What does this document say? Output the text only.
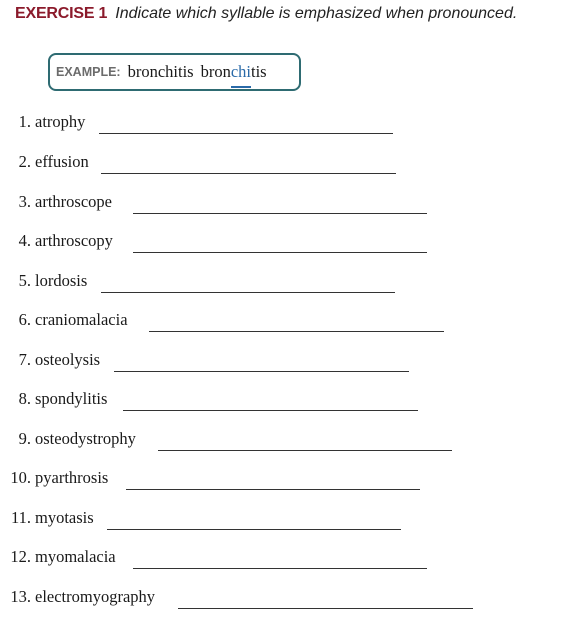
EXERCISE 1 Indicate which syllable is emphasized when pronounced.
EXAMPLE: bronchitis bronchitis
1. atrophy
2. effusion
3. arthroscope
4. arthroscopy
5. lordosis
6. craniomalacia
7. osteolysis
8. spondylitis
9. osteodystrophy
10. pyarthrosis
11. myotasis
12. myomalacia
13. electromyography
